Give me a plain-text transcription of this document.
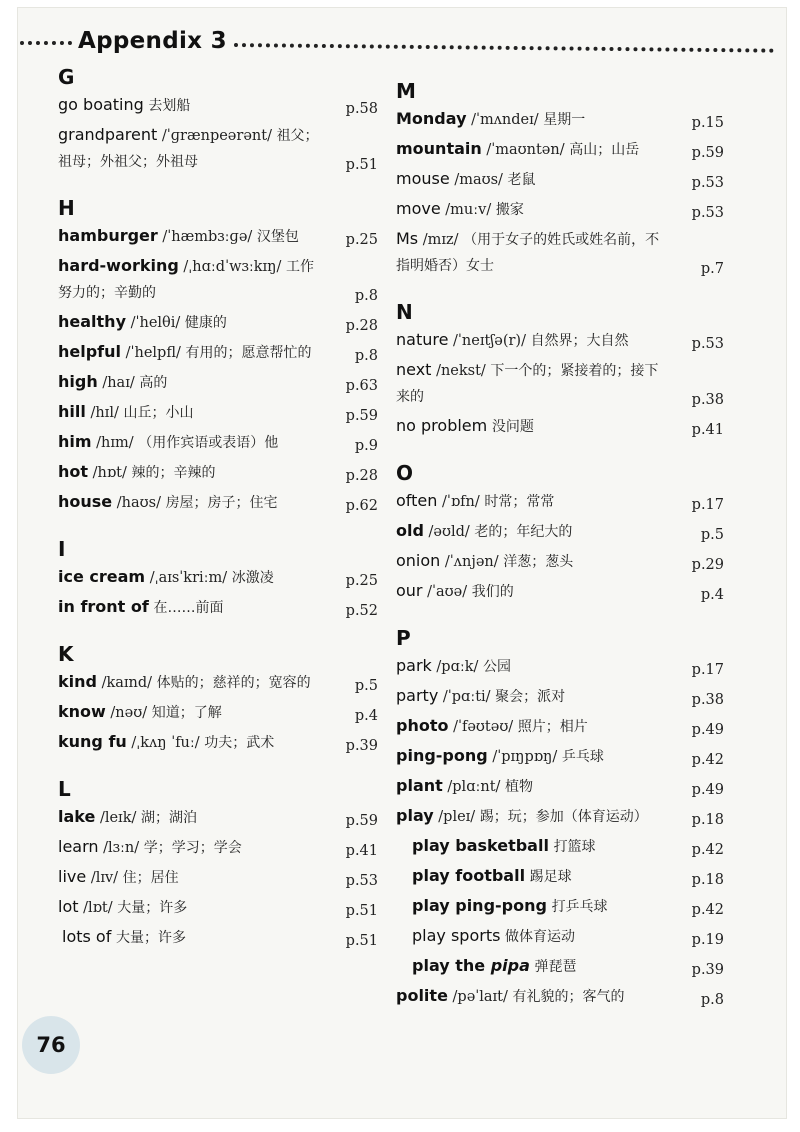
Appendix 3
G
go boating 去划船	p.58
grandparent /ˈɡrænpeərənt/ 祖父；祖母；外祖父；外祖母	p.51
H
hamburger /ˈhæmbɜːɡə/ 汉堡包	p.25
hard-working /ˌhɑːdˈwɜːkɪŋ/ 工作努力的；辛勤的	p.8
healthy /ˈhelθi/ 健康的	p.28
helpful /ˈhelpfl/ 有用的；愿意帮忙的	p.8
high /haɪ/ 高的	p.63
hill /hɪl/ 山丘；小山	p.59
him /hɪm/ （用作宾语或表语）他	p.9
hot /hɒt/ 辣的；辛辣的	p.28
house /haʊs/ 房屋；房子；住宅	p.62
I
ice cream /ˌaɪsˈkriːm/ 冰激凌	p.25
in front of 在……前面	p.52
K
kind /kaɪnd/ 体贴的；慈祥的；宽容的	p.5
know /nəʊ/ 知道；了解	p.4
kung fu /ˌkʌŋ ˈfuː/ 功夫；武术	p.39
L
lake /leɪk/ 湖；湖泊	p.59
learn /lɜːn/ 学；学习；学会	p.41
live /lɪv/ 住；居住	p.53
lot /lɒt/ 大量；许多	p.51
lots of 大量；许多	p.51
M
Monday /ˈmʌndeɪ/ 星期一	p.15
mountain /ˈmaʊntən/ 高山；山岳	p.59
mouse /maʊs/ 老鼠	p.53
move /muːv/ 搬家	p.53
Ms /mɪz/ （用于女子的姓氏或姓名前，不指明婚否）女士	p.7
N
nature /ˈneɪtʃə(r)/ 自然界；大自然	p.53
next /nekst/ 下一个的；紧接着的；接下来的	p.38
no problem 没问题	p.41
O
often /ˈɒfn/ 时常；常常	p.17
old /əʊld/ 老的；年纪大的	p.5
onion /ˈʌnjən/ 洋葱；葱头	p.29
our /ˈaʊə/ 我们的	p.4
P
park /pɑːk/ 公园	p.17
party /ˈpɑːti/ 聚会；派对	p.38
photo /ˈfəʊtəʊ/ 照片；相片	p.49
ping-pong /ˈpɪŋpɒŋ/ 乒乓球	p.42
plant /plɑːnt/ 植物	p.49
play /pleɪ/ 踢；玩；参加（体育运动）	p.18
play basketball 打篮球	p.42
play football 踢足球	p.18
play ping-pong 打乒乓球	p.42
play sports 做体育运动	p.19
play the pipa 弹琵琶	p.39
polite /pəˈlaɪt/ 有礼貌的；客气的	p.8
76
